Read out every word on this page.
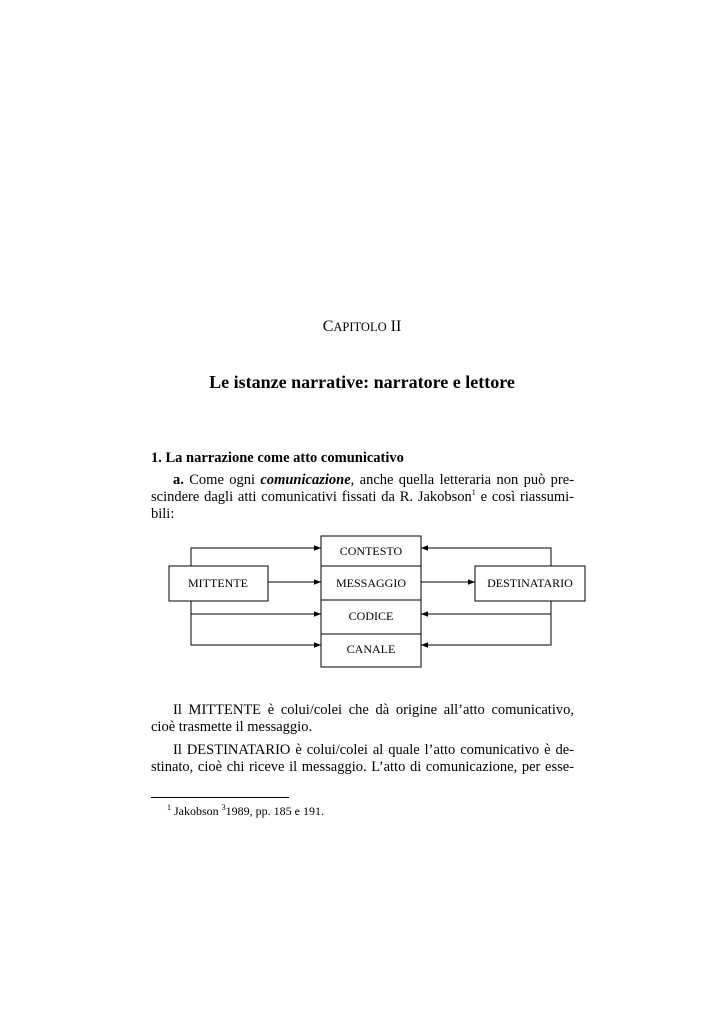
CAPITOLO II
Le istanze narrative: narratore e lettore
1. La narrazione come atto comunicativo
a. Come ogni comunicazione, anche quella letteraria non può pre-
scindere dagli atti comunicativi fissati da R. Jakobson$^1$ e così riassumi-
bili:
CONTESTO
MITTENTE	MESSAGGIO	DESTINATARIO
CODICE
CANALE
Il MITTENTE è colui/colei che dà origine all’atto comunicativo,
cioè trasmette il messaggio.
Il DESTINATARIO è colui/colei al quale l’atto comunicativo è de-
stinato, cioè chi riceve il messaggio. L’atto di comunicazione, per esse-
$^1$ Jakobson $^3$1989, pp. 185 e 191.
